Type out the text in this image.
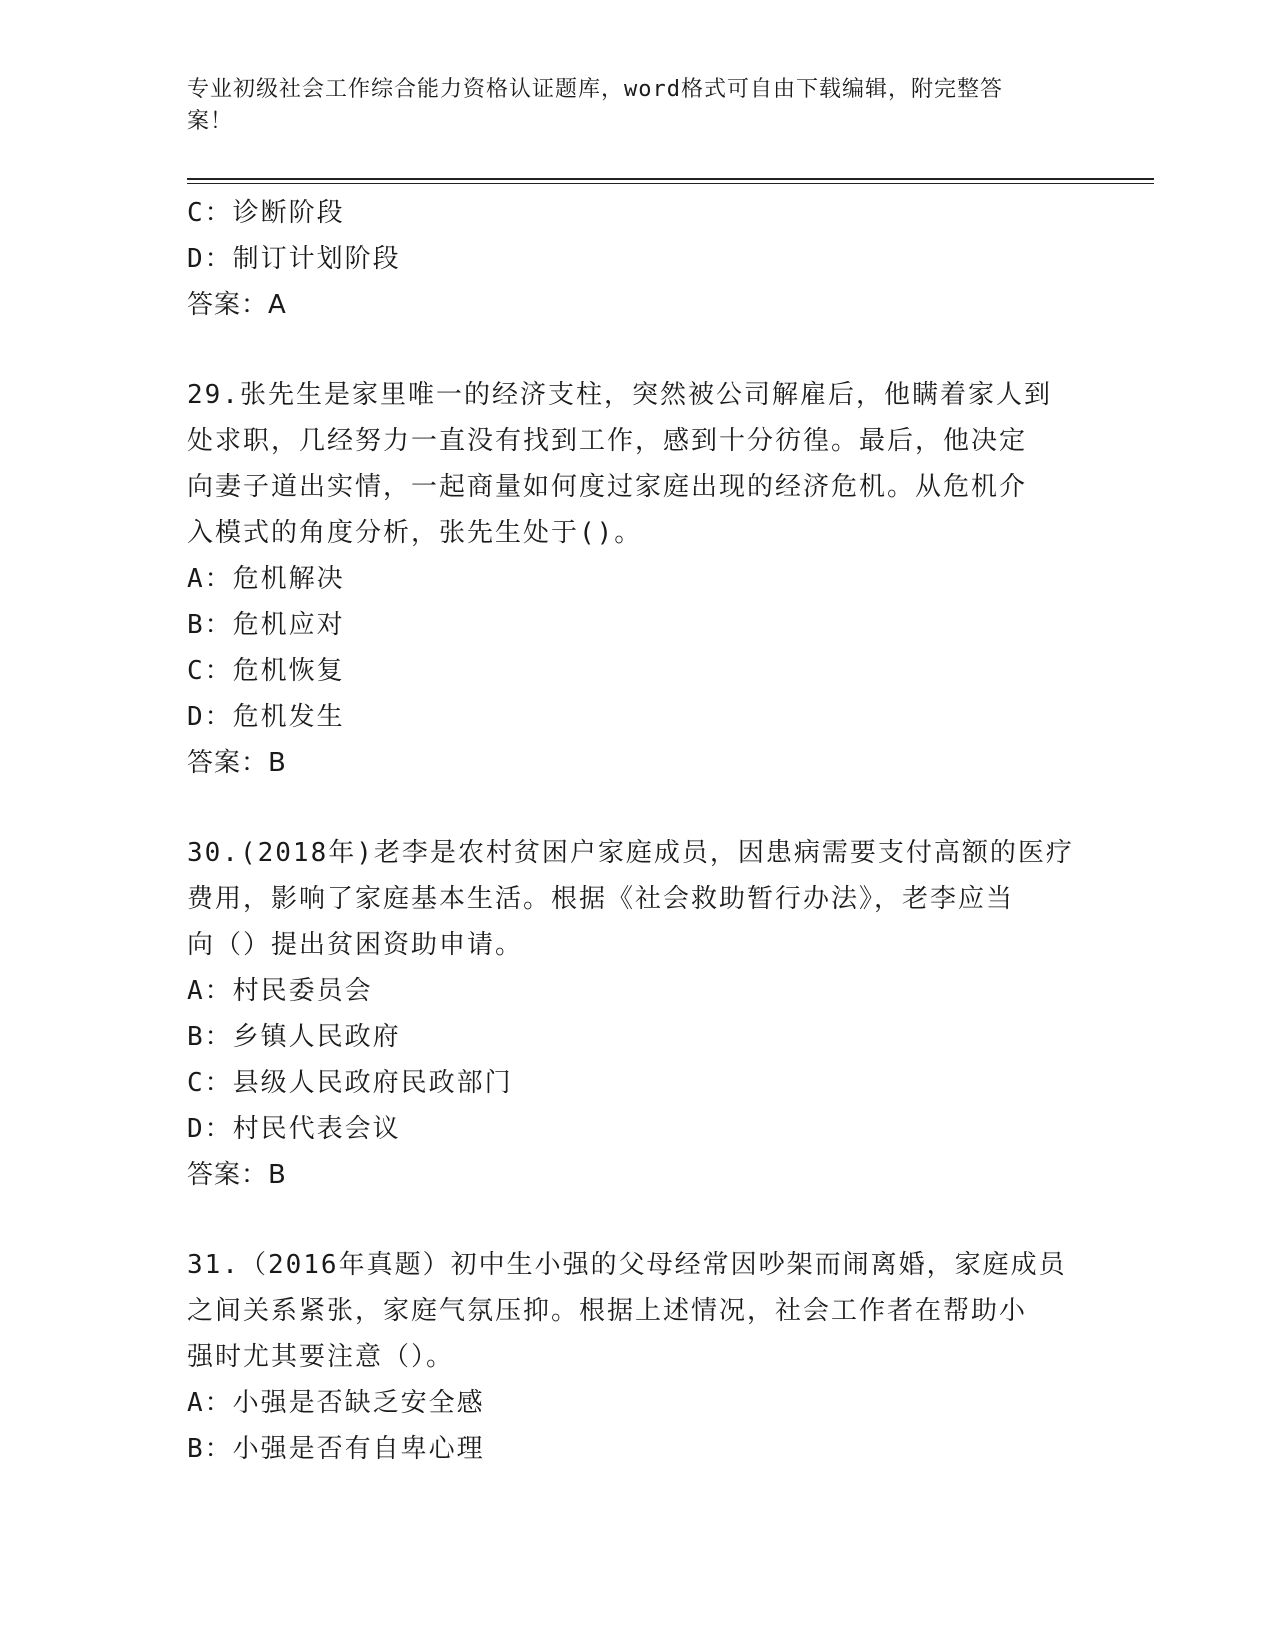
专业初级社会工作综合能力资格认证题库，word格式可自由下载编辑，附完整答
案！
C：诊断阶段
D：制订计划阶段
答案：A
29.张先生是家里唯一的经济支柱，突然被公司解雇后，他瞒着家人到
处求职，几经努力一直没有找到工作，感到十分彷徨。最后，他决定
向妻子道出实情，一起商量如何度过家庭出现的经济危机。从危机介
入模式的角度分析，张先生处于()。
A：危机解决
B：危机应对
C：危机恢复
D：危机发生
答案：B
30.(2018年)老李是农村贫困户家庭成员，因患病需要支付高额的医疗
费用，影响了家庭基本生活。根据《社会救助暂行办法》，老李应当
向（）提出贫困资助申请。
A：村民委员会
B：乡镇人民政府
C：县级人民政府民政部门
D：村民代表会议
答案：B
31.（2016年真题）初中生小强的父母经常因吵架而闹离婚，家庭成员
之间关系紧张，家庭气氛压抑。根据上述情况，社会工作者在帮助小
强时尤其要注意（）。
A：小强是否缺乏安全感
B：小强是否有自卑心理
